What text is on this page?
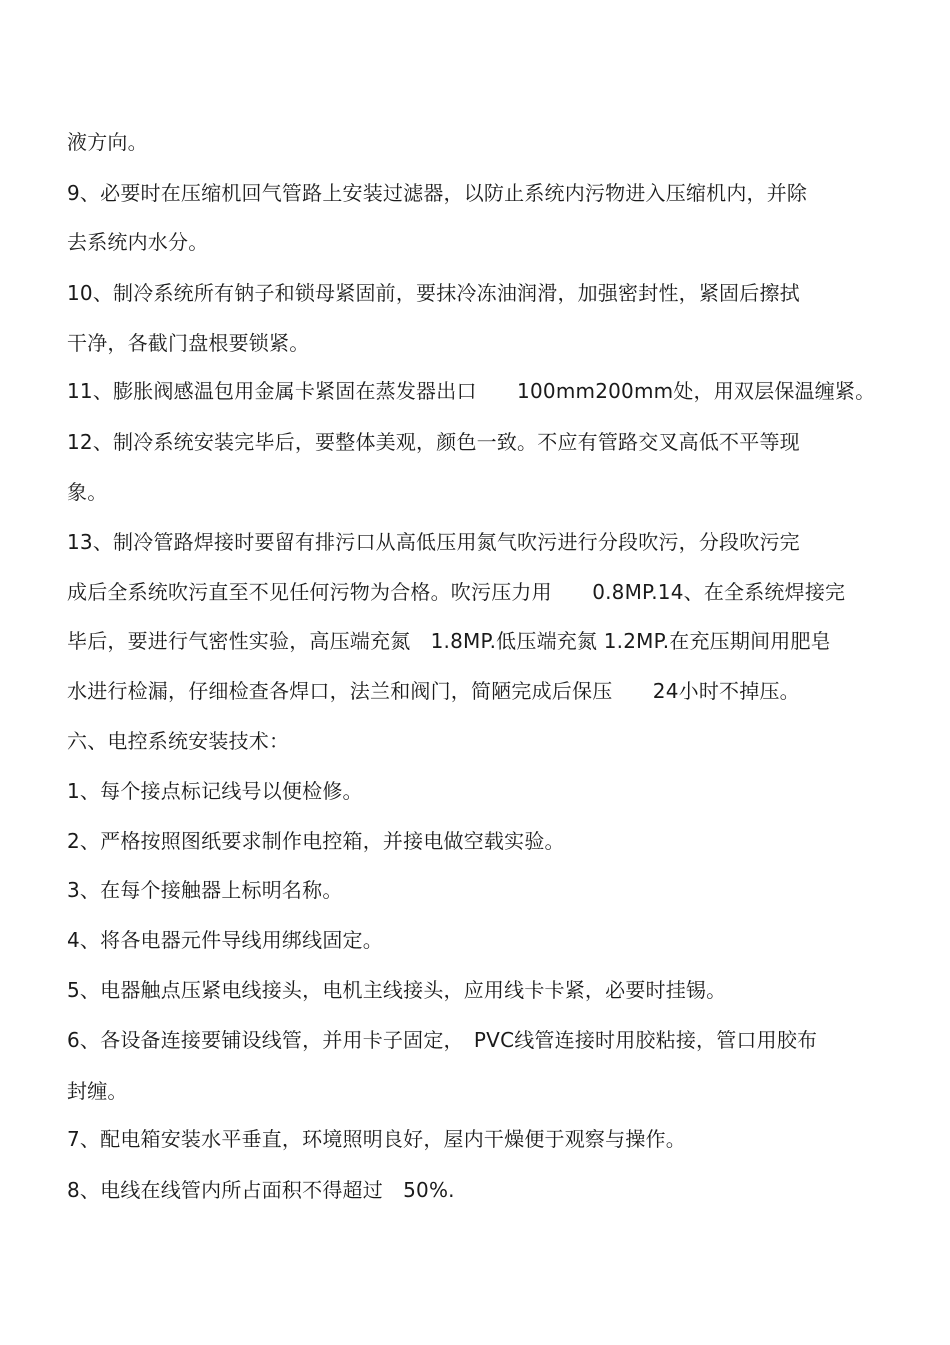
液方向。
9、必要时在压缩机回气管路上安装过滤器，以防止系统内污物进入压缩机内，并除
去系统内水分。
10、制冷系统所有钠子和锁母紧固前，要抹冷冻油润滑，加强密封性，紧固后擦拭
干净，各截门盘根要锁紧。
11、膨胀阀感温包用金属卡紧固在蒸发器出口　　100mm200mm处，用双层保温缠紧。
12、制冷系统安装完毕后，要整体美观，颜色一致。不应有管路交叉高低不平等现
象。
13、制冷管路焊接时要留有排污口从高低压用氮气吹污进行分段吹污，分段吹污完
成后全系统吹污直至不见任何污物为合格。吹污压力用　　0.8MP.14、在全系统焊接完
毕后，要进行气密性实验，高压端充氮　1.8MP.低压端充氮 1.2MP.在充压期间用肥皂
水进行检漏，仔细检查各焊口，法兰和阀门，简陋完成后保压　　24小时不掉压。
六、电控系统安装技术：
1、每个接点标记线号以便检修。
2、严格按照图纸要求制作电控箱，并接电做空载实验。
3、在每个接触器上标明名称。
4、将各电器元件导线用绑线固定。
5、电器触点压紧电线接头，电机主线接头，应用线卡卡紧，必要时挂锡。
6、各设备连接要铺设线管，并用卡子固定，　PVC线管连接时用胶粘接，管口用胶布
封缠。
7、配电箱安装水平垂直，环境照明良好，屋内干燥便于观察与操作。
8、电线在线管内所占面积不得超过　50%.
